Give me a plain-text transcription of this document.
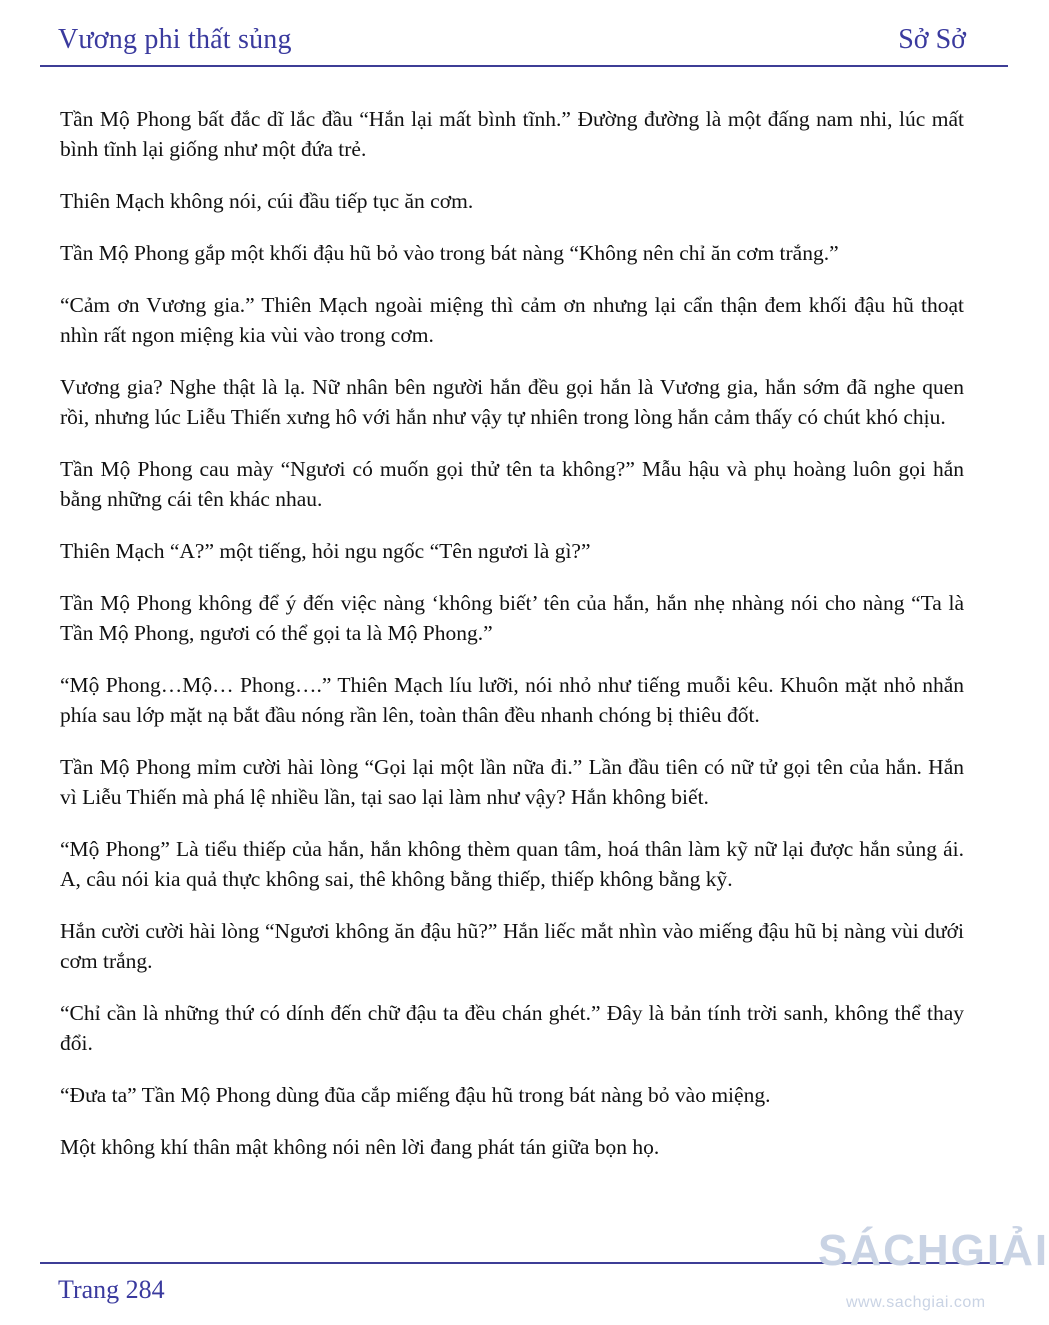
Vương phi thất sủng	Sở Sở

Tần Mộ Phong bất đắc dĩ lắc đầu “Hắn lại mất bình tĩnh.” Đường đường là một đấng nam nhi, lúc mất bình tĩnh lại giống như một đứa trẻ.

Thiên Mạch không nói, cúi đầu tiếp tục ăn cơm.

Tần Mộ Phong gắp một khối đậu hũ bỏ vào trong bát nàng “Không nên chỉ ăn cơm trắng.”

“Cảm ơn Vương gia.” Thiên Mạch ngoài miệng thì cảm ơn nhưng lại cẩn thận đem khối đậu hũ thoạt nhìn rất ngon miệng kia vùi vào trong cơm.

Vương gia? Nghe thật là lạ. Nữ nhân bên người hắn đều gọi hắn là Vương gia, hắn sớm đã nghe quen rồi, nhưng lúc Liễu Thiến xưng hô với hắn như vậy tự nhiên trong lòng hắn cảm thấy có chút khó chịu.

Tần Mộ Phong cau mày “Ngươi có muốn gọi thử tên ta không?” Mẫu hậu và phụ hoàng luôn gọi hắn bằng những cái tên khác nhau.

Thiên Mạch “A?” một tiếng, hỏi ngu ngốc “Tên ngươi là gì?”

Tần Mộ Phong không để ý đến việc nàng ‘không biết’ tên của hắn, hắn nhẹ nhàng nói cho nàng “Ta là Tần Mộ Phong, ngươi có thể gọi ta là Mộ Phong.”

“Mộ Phong…Mộ… Phong….” Thiên Mạch líu lưỡi, nói nhỏ như tiếng muỗi kêu. Khuôn mặt nhỏ nhắn phía sau lớp mặt nạ bắt đầu nóng rần lên, toàn thân đều nhanh chóng bị thiêu đốt.

Tần Mộ Phong mỉm cười hài lòng “Gọi lại một lần nữa đi.” Lần đầu tiên có nữ tử gọi tên của hắn. Hắn vì Liễu Thiến mà phá lệ nhiều lần, tại sao lại làm như vậy? Hắn không biết.

“Mộ Phong” Là tiểu thiếp của hắn, hắn không thèm quan tâm, hoá thân làm kỹ nữ lại được hắn sủng ái. A, câu nói kia quả thực không sai, thê không bằng thiếp, thiếp không bằng kỹ.

Hắn cười cười hài lòng “Ngươi không ăn đậu hũ?” Hắn liếc mắt nhìn vào miếng đậu hũ bị nàng vùi dưới cơm trắng.

“Chỉ cần là những thứ có dính đến chữ đậu ta đều chán ghét.” Đây là bản tính trời sanh, không thể thay đổi.

“Đưa ta” Tần Mộ Phong dùng đũa cắp miếng đậu hũ trong bát nàng bỏ vào miệng.

Một không khí thân mật không nói nên lời đang phát tán giữa bọn họ.

Trang 284
SÁCHGIẢI
www.sachgiai.com
